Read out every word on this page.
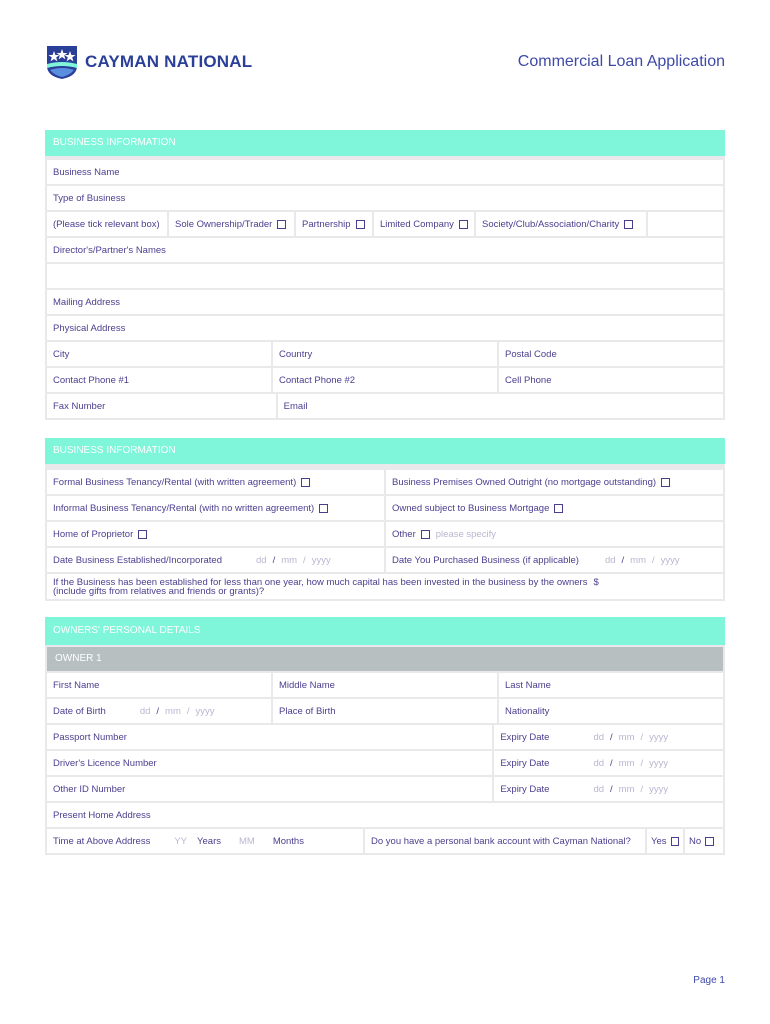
CAYMAN NATIONAL	Commercial Loan Application
BUSINESS INFORMATION
Business Name
Type of Business
(Please tick relevant box)	Sole Ownership/Trader	Partnership	Limited Company	Society/Club/Association/Charity
Director's/Partner's Names
Mailing Address
Physical Address
City	Country	Postal Code
Contact Phone #1	Contact Phone #2	Cell Phone
Fax Number	Email
BUSINESS INFORMATION
Formal Business Tenancy/Rental (with written agreement)	Business Premises Owned Outright (no mortgage outstanding)
Informal Business Tenancy/Rental (with no written agreement)	Owned subject to Business Mortgage
Home of Proprietor	Other please specify
Date Business Established/Incorporated	dd / mm / yyyy	Date You Purchased Business (if applicable)	dd / mm / yyyy
If the Business has been established for less than one year, how much capital has been invested in the business by the owners $
(include gifts from relatives and friends or grants)?
OWNERS' PERSONAL DETAILS
OWNER 1
First Name	Middle Name	Last Name
Date of Birth	dd / mm / yyyy	Place of Birth	Nationality
Passport Number	Expiry Date	dd / mm / yyyy
Driver's Licence Number	Expiry Date	dd / mm / yyyy
Other ID Number	Expiry Date	dd / mm / yyyy
Present Home Address
Time at Above Address	YY Years MM Months	Do you have a personal bank account with Cayman National?	Yes No
Page 1
